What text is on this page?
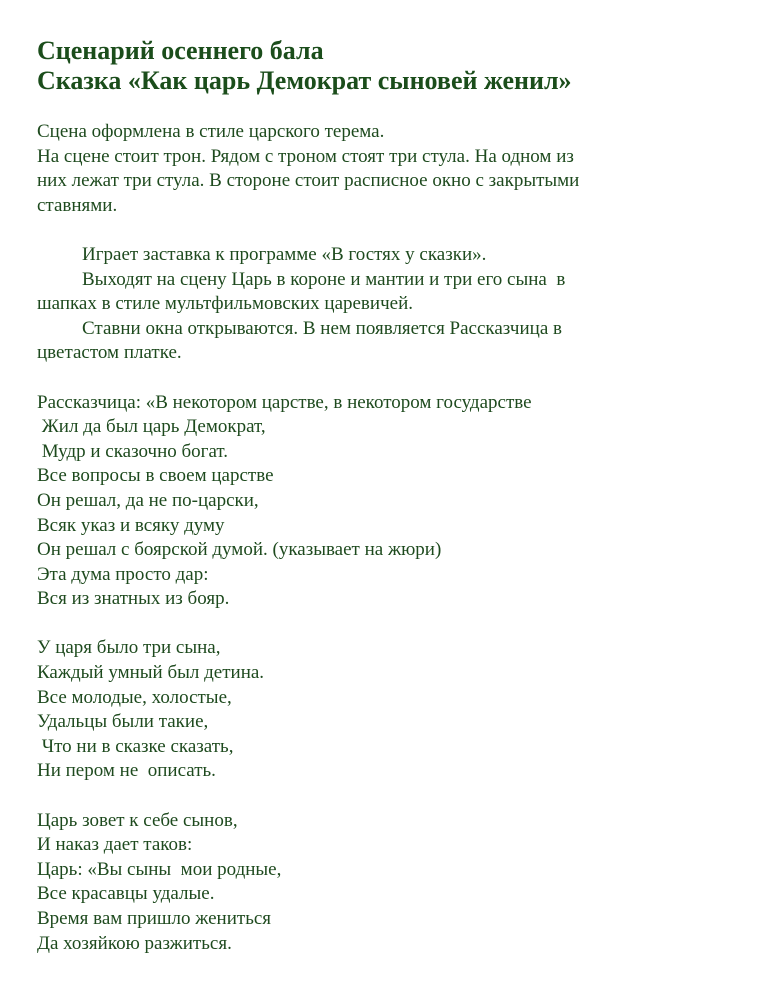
Сценарий осеннего бала

Сказка «Как царь Демократ сыновей женил»

Сцена оформлена в стиле царского терема.

На сцене стоит трон. Рядом с троном стоят три стула. На одном из

них лежат три стула. В стороне стоит расписное окно с закрытыми

ставнями.

Играет заставка к программе «В гостях у сказки».

Выходят на сцену Царь в короне и мантии и три его сына  в

шапках в стиле мультфильмовских царевичей.

Ставни окна открываются. В нем появляется Рассказчица в

цветастом платке.

Рассказчица: «В некотором царстве, в некотором государстве

Жил да был царь Демократ,

Мудр и сказочно богат.

Все вопросы в своем царстве

Он решал, да не по-царски,

Всяк указ и всяку думу

Он решал с боярской думой. (указывает на жюри)

Эта дума просто дар:

Вся из знатных из бояр.

У царя было три сына,

Каждый умный был детина.

Все молодые, холостые,

Удальцы были такие,

Что ни в сказке сказать,

Ни пером не  описать.

Царь зовет к себе сынов,

И наказ дает таков:

Царь: «Вы сыны  мои родные,

Все красавцы удалые.

Время вам пришло жениться

Да хозяйкою разжиться.
